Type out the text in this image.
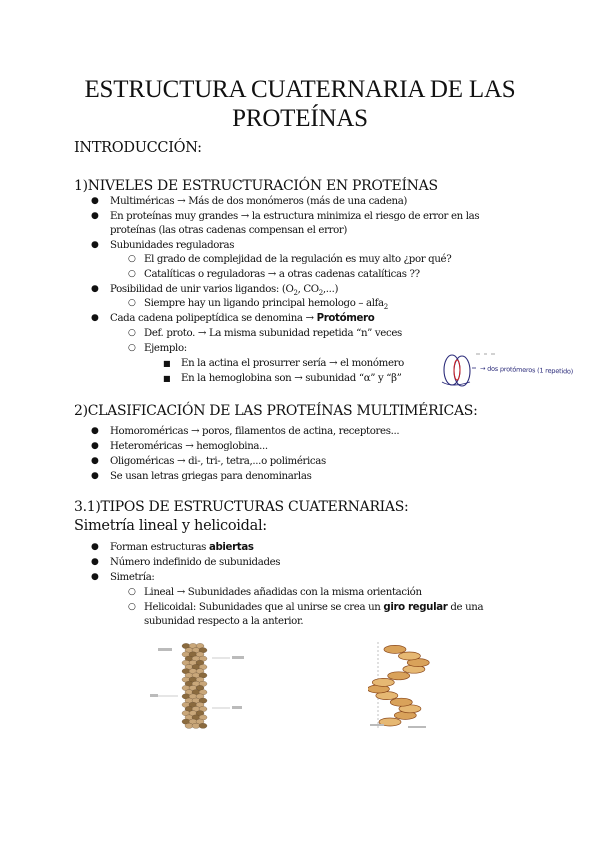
ESTRUCTURA CUATERNARIA DE LAS
PROTEÍNAS
INTRODUCCIÓN:
1)NIVELES DE ESTRUCTURACIÓN EN PROTEÍNAS
● Multiméricas → Más de dos monómeros (más de una cadena)
● En proteínas muy grandes → la estructura minimiza el riesgo de error en las
proteínas (las otras cadenas compensan el error)
● Subunidades reguladoras
○ El grado de complejidad de la regulación es muy alto ¿por qué?
○ Catalíticas o reguladoras → a otras cadenas catalíticas ??
● Posibilidad de unir varios ligandos: ($O_2$, $CO_2$,...)
○ Siempre hay un ligando principal hemologo – alfa$_2$
● Cada cadena polipeptídica se denomina → Protómero
○ Def. proto. → La misma subunidad repetida “n” veces
○ Ejemplo:
■ En la actina el prosurrer sería → el monómero
■ En la hemoglobina son → subunidad “α” y “β”
→ dos protómeros (1 repetido)
2)CLASIFICACIÓN DE LAS PROTEÍNAS MULTIMÉRICAS:
● Homoroméricas → poros, filamentos de actina, receptores...
● Heteroméricas → hemoglobina...
● Oligoméricas → di-, tri-, tetra,...o poliméricas
● Se usan letras griegas para denominarlas
3.1)TIPOS DE ESTRUCTURAS CUATERNARIAS:
Simetría lineal y helicoidal:
● Forman estructuras abiertas
● Número indefinido de subunidades
● Simetría:
○ Lineal → Subunidades añadidas con la misma orientación
○ Helicoidal: Subunidades que al unirse se crea un giro regular de una
subunidad respecto a la anterior.
